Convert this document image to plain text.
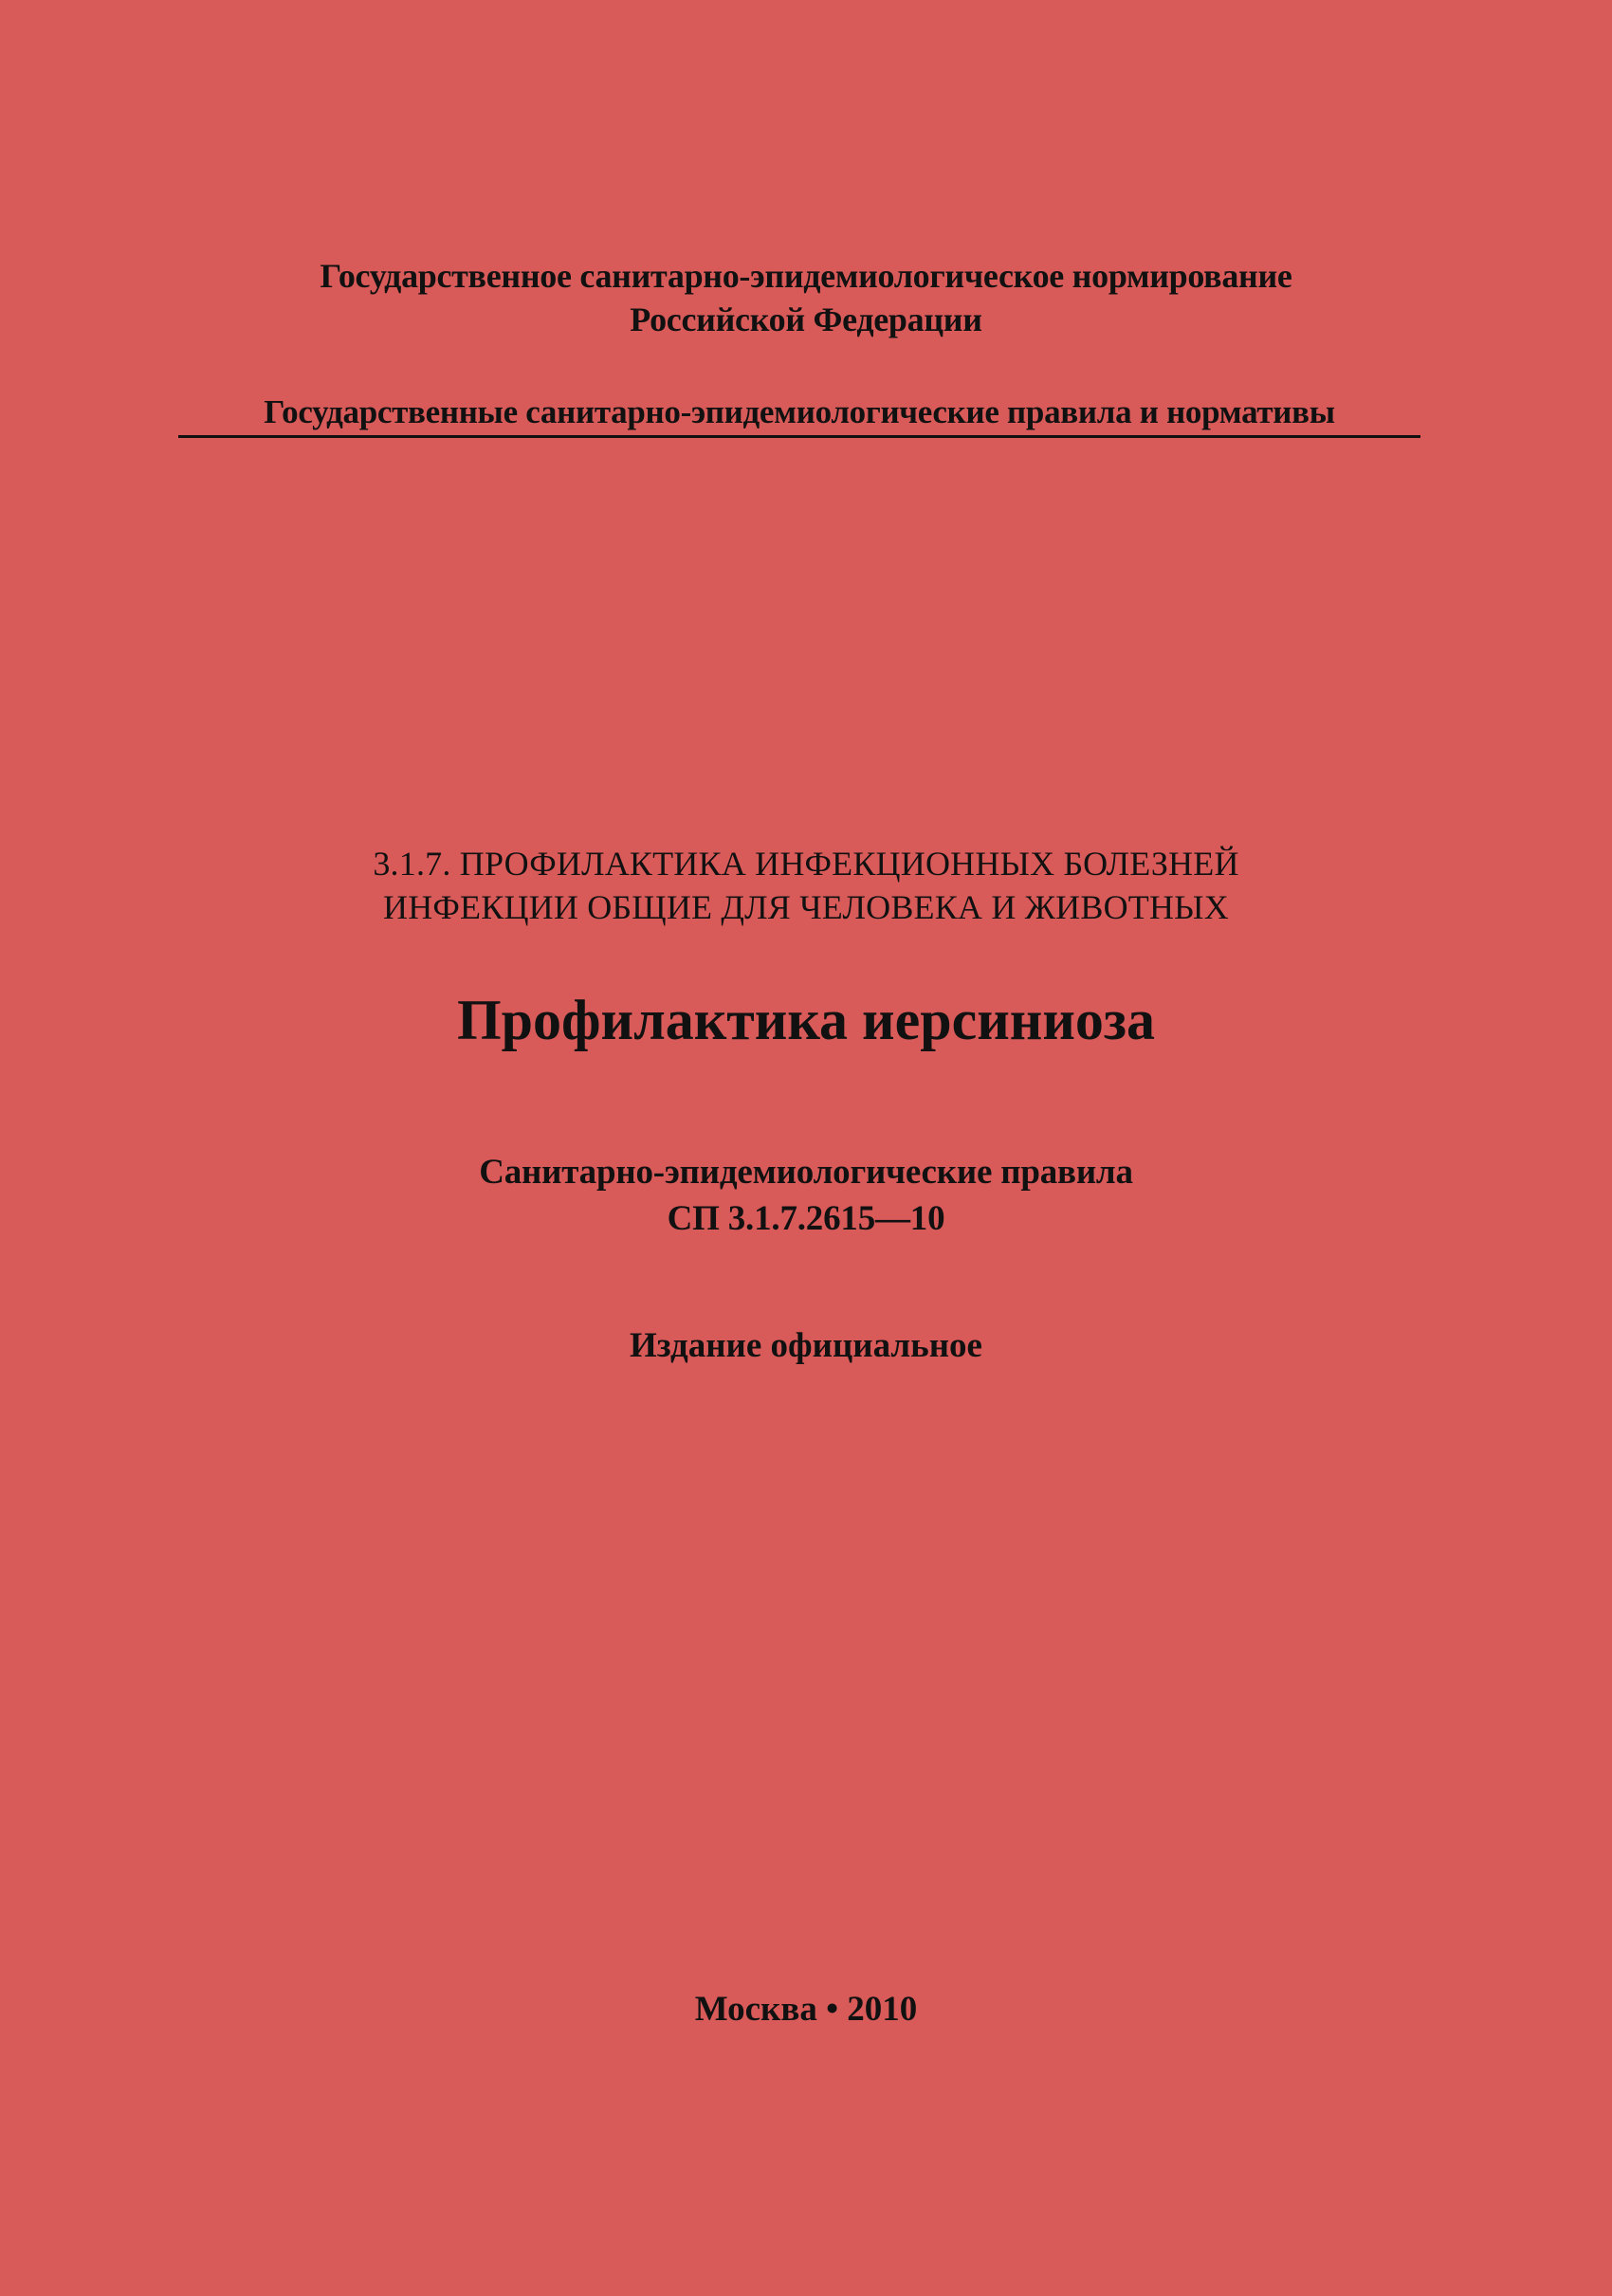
Государственное санитарно-эпидемиологическое нормирование
Российской Федерации
Государственные санитарно-эпидемиологические правила и нормативы
3.1.7. ПРОФИЛАКТИКА ИНФЕКЦИОННЫХ БОЛЕЗНЕЙ
ИНФЕКЦИИ ОБЩИЕ ДЛЯ ЧЕЛОВЕКА И ЖИВОТНЫХ
Профилактика иерсиниоза
Санитарно-эпидемиологические правила
СП 3.1.7.2615—10
Издание официальное
Москва • 2010
